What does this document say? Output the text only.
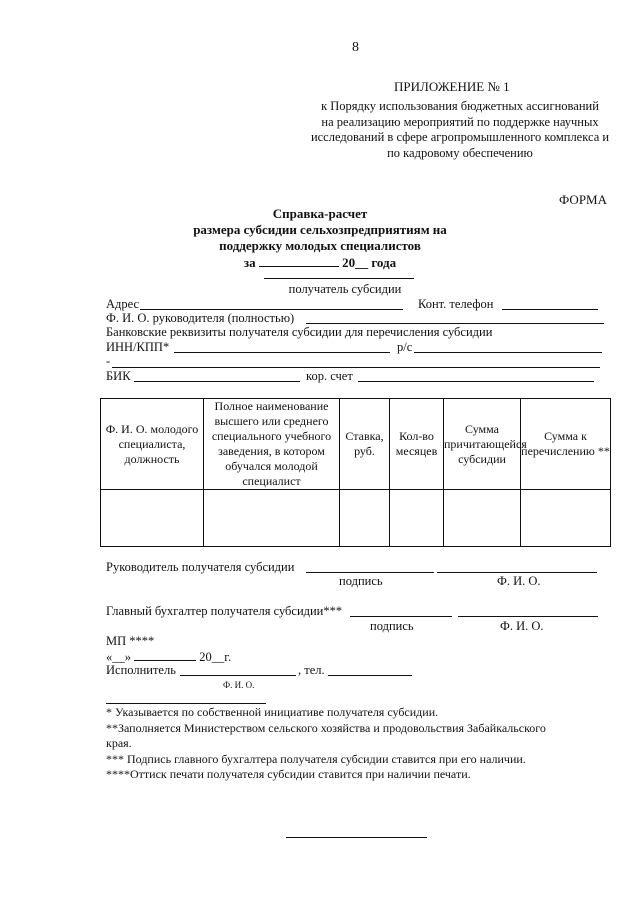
8
ПРИЛОЖЕНИЕ № 1
к Порядку использования бюджетных ассигнований
на реализацию мероприятий по поддержке научных
исследований в сфере агропромышленного комплекса и
по кадровому обеспечению
ФОРМА
Справка-расчет
размера субсидии сельхозпредприятиям на
поддержку молодых специалистов
за	20__ года
получатель субсидии
Адрес	Конт. телефон
Ф. И. О. руководителя (полностью)
Банковские реквизиты получателя субсидии для перечисления субсидии
ИНН/КПП*	р/с
-
БИК	кор. счет
Ф. И. О. молодого специалиста, должность	Полное наименование высшего или среднего специального учебного заведения, в котором обучался молодой специалист	Ставка, руб.	Кол-во месяцев	Сумма причитающейся субсидии	Сумма к перечислению **

Руководитель получателя субсидии
подпись	Ф. И. О.
Главный бухгалтер получателя субсидии***
подпись	Ф. И. О.
МП ****
«__»	20__г.
Исполнитель	, тел.
Ф. И. О.
* Указывается по собственной инициативе получателя субсидии.
**Заполняется Министерством сельского хозяйства и продовольствия Забайкальского
края.
*** Подпись главного бухгалтера получателя субсидии ставится при его наличии.
****Оттиск печати получателя субсидии ставится при наличии печати.
